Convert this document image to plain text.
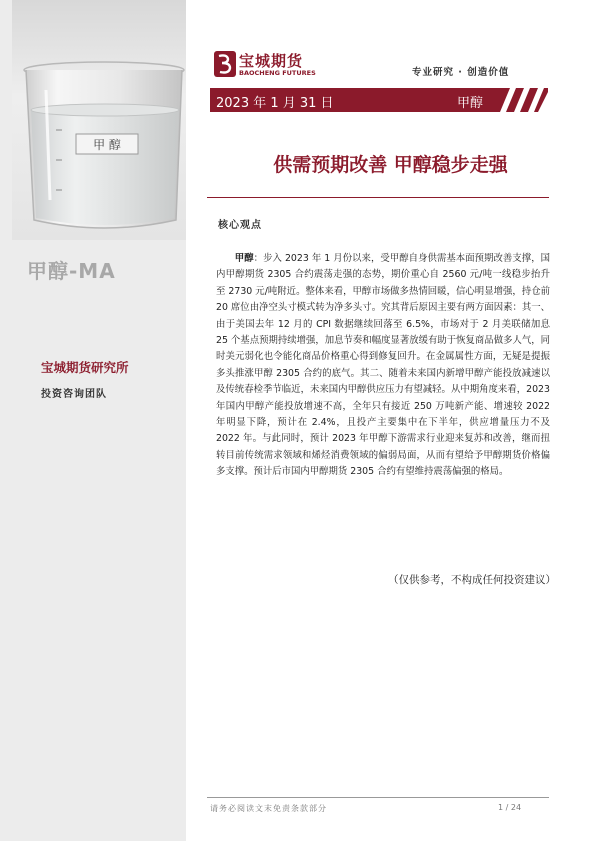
甲 醇
甲醇-MA
宝城期货研究所
投资咨询团队
宝城期货
BAOCHENG FUTURES	专业研究 · 创造价值
2023 年 1 月 31 日	甲醇
供需预期改善 甲醇稳步走强
核心观点

甲醇：步入 2023 年 1 月份以来，受甲醇自身供需基本面预期改善支撑，国内甲醇期货 2305 合约震荡走强的态势，期价重心自 2560 元/吨一线稳步抬升至 2730 元/吨附近。整体来看，甲醇市场做多热情回暖，信心明显增强，持仓前 20 席位由净空头寸模式转为净多头寸。究其背后原因主要有两方面因素：其一、由于美国去年 12 月的 CPI 数据继续回落至 6.5%，市场对于 2 月美联储加息 25 个基点预期持续增强，加息节奏和幅度显著放缓有助于恢复商品做多人气，同时美元弱化也令能化商品价格重心得到修复回升。在金属属性方面，无疑是提振多头推涨甲醇 2305 合约的底气。其二、随着未来国内新增甲醇产能投放减速以及传统春检季节临近，未来国内甲醇供应压力有望减轻。从中期角度来看，2023 年国内甲醇产能投放增速不高，全年只有接近 250 万吨新产能、增速较 2022 年明显下降，预计在 2.4%，且投产主要集中在下半年，供应增量压力不及 2022 年。与此同时，预计 2023 年甲醇下游需求行业迎来复苏和改善，继而扭转目前传统需求领域和烯烃消费领域的偏弱局面，从而有望给予甲醇期货价格偏多支撑。预计后市国内甲醇期货 2305 合约有望维持震荡偏强的格局。

（仅供参考，不构成任何投资建议）
请务必阅读文末免责条款部分	1 / 24
